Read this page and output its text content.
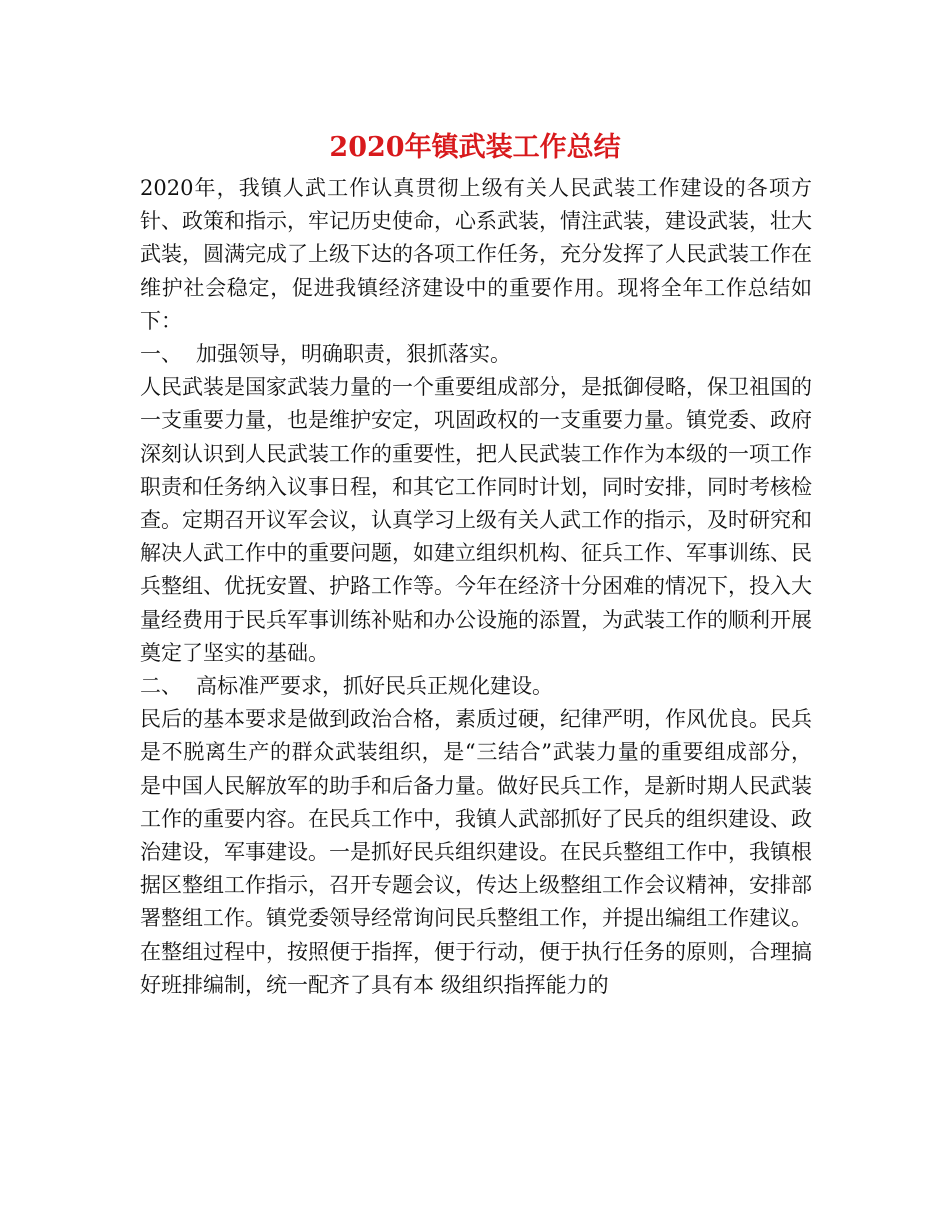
2020年镇武装工作总结

2020年，我镇人武工作认真贯彻上级有关人民武装工作建设的各项方针、政策和指示，牢记历史使命，心系武装，情注武装，建设武装，壮大武装，圆满完成了上级下达的各项工作任务，充分发挥了人民武装工作在维护社会稳定，促进我镇经济建设中的重要作用。现将全年工作总结如下：

一、 加强领导，明确职责，狠抓落实。

人民武装是国家武装力量的一个重要组成部分，是抵御侵略，保卫祖国的一支重要力量，也是维护安定，巩固政权的一支重要力量。镇党委、政府深刻认识到人民武装工作的重要性，把人民武装工作作为本级的一项工作职责和任务纳入议事日程，和其它工作同时计划，同时安排，同时考核检查。定期召开议军会议，认真学习上级有关人武工作的指示，及时研究和解决人武工作中的重要问题，如建立组织机构、征兵工作、军事训练、民兵整组、优抚安置、护路工作等。今年在经济十分困难的情况下，投入大量经费用于民兵军事训练补贴和办公设施的添置，为武装工作的顺利开展奠定了坚实的基础。

二、 高标准严要求，抓好民兵正规化建设。

民后的基本要求是做到政治合格，素质过硬，纪律严明，作风优良。民兵是不脱离生产的群众武装组织，是“三结合”武装力量的重要组成部分，是中国人民解放军的助手和后备力量。做好民兵工作，是新时期人民武装工作的重要内容。在民兵工作中，我镇人武部抓好了民兵的组织建设、政治建设，军事建设。一是抓好民兵组织建设。在民兵整组工作中，我镇根据区整组工作指示，召开专题会议，传达上级整组工作会议精神，安排部署整组工作。镇党委领导经常询问民兵整组工作，并提出编组工作建议。在整组过程中，按照便于指挥，便于行动，便于执行任务的原则，合理搞好班排编制，统一配齐了具有本 级组织指挥能力的
